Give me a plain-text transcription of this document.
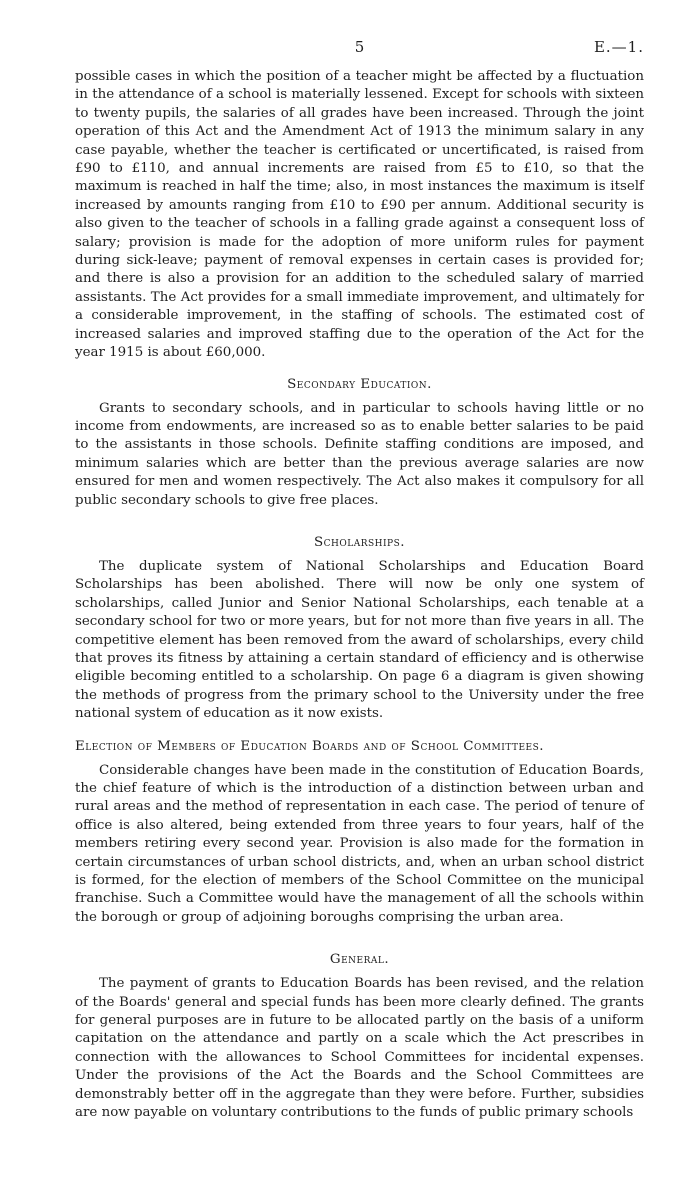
5	E.—1.

possible cases in which the position of a teacher might be affected by a fluctuation in the attendance of a school is materially lessened. Except for schools with sixteen to twenty pupils, the salaries of all grades have been increased. Through the joint operation of this Act and the Amendment Act of 1913 the minimum salary in any case payable, whether the teacher is certificated or uncertificated, is raised from £90 to £110, and annual increments are raised from £5 to £10, so that the maximum is reached in half the time; also, in most instances the maximum is itself increased by amounts ranging from £10 to £90 per annum. Additional security is also given to the teacher of schools in a falling grade against a consequent loss of salary; provision is made for the adoption of more uniform rules for payment during sick-leave; payment of removal expenses in certain cases is provided for; and there is also a provision for an addition to the scheduled salary of married assistants. The Act provides for a small immediate improvement, and ultimately for a considerable improvement, in the staffing of schools. The estimated cost of increased salaries and improved staffing due to the operation of the Act for the year 1915 is about £60,000.

Secondary Education.

Grants to secondary schools, and in particular to schools having little or no income from endowments, are increased so as to enable better salaries to be paid to the assistants in those schools. Definite staffing conditions are imposed, and minimum salaries which are better than the previous average salaries are now ensured for men and women respectively. The Act also makes it compulsory for all public secondary schools to give free places.

Scholarships.

The duplicate system of National Scholarships and Education Board Scholarships has been abolished. There will now be only one system of scholarships, called Junior and Senior National Scholarships, each tenable at a secondary school for two or more years, but for not more than five years in all. The competitive element has been removed from the award of scholarships, every child that proves its fitness by attaining a certain standard of efficiency and is otherwise eligible becoming entitled to a scholarship. On page 6 a diagram is given showing the methods of progress from the primary school to the University under the free national system of education as it now exists.

Election of Members of Education Boards and of School Committees.

Considerable changes have been made in the constitution of Education Boards, the chief feature of which is the introduction of a distinction between urban and rural areas and the method of representation in each case. The period of tenure of office is also altered, being extended from three years to four years, half of the members retiring every second year. Provision is also made for the formation in certain circumstances of urban school districts, and, when an urban school district is formed, for the election of members of the School Committee on the municipal franchise. Such a Committee would have the management of all the schools within the borough or group of adjoining boroughs comprising the urban area.

General.

The payment of grants to Education Boards has been revised, and the relation of the Boards' general and special funds has been more clearly defined. The grants for general purposes are in future to be allocated partly on the basis of a uniform capitation on the attendance and partly on a scale which the Act prescribes in connection with the allowances to School Committees for incidental expenses. Under the provisions of the Act the Boards and the School Committees are demonstrably better off in the aggregate than they were before. Further, subsidies are now payable on voluntary contributions to the funds of public primary schools
